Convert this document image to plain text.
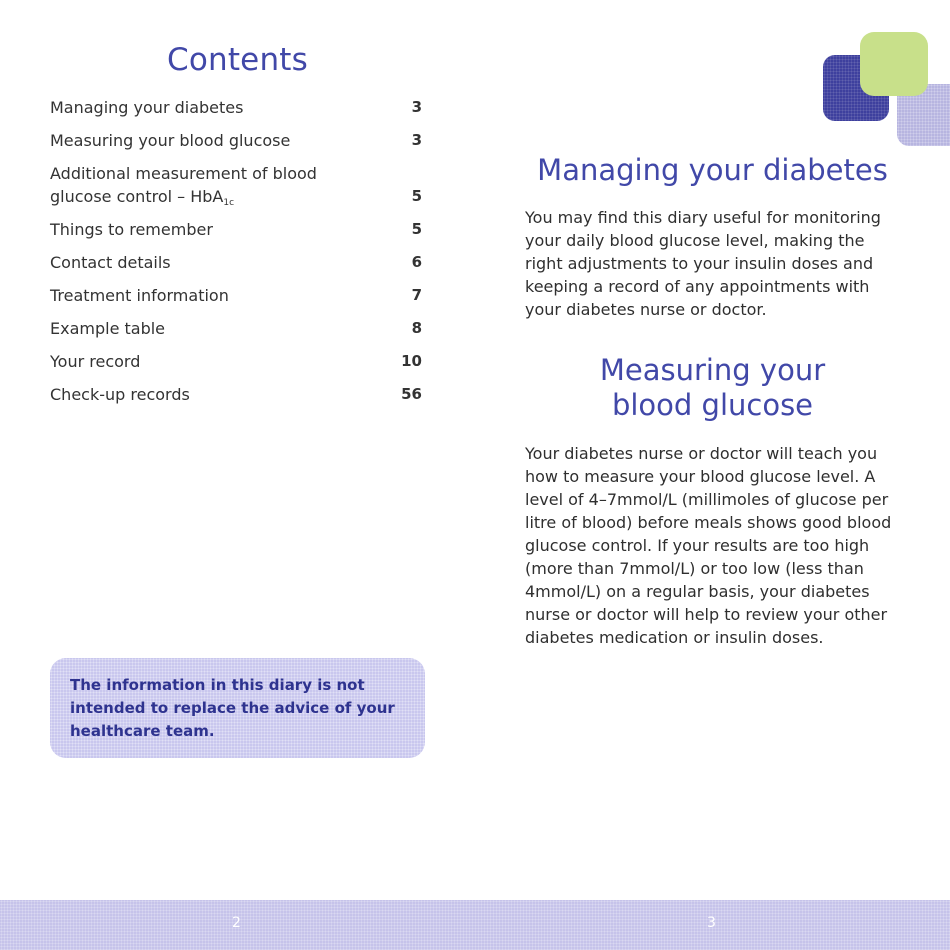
Contents
Managing your diabetes	3
Measuring your blood glucose	3
Additional measurement of blood glucose control – HbA$_{1c}$	5
Things to remember	5
Contact details	6
Treatment information	7
Example table	8
Your record	10
Check-up records	56
The information in this diary is not intended to replace the advice of your healthcare team.
Managing your diabetes

You may find this diary useful for monitoring your daily blood glucose level, making the right adjustments to your insulin doses and keeping a record of any appointments with your diabetes nurse or doctor.

Measuring your
blood glucose

Your diabetes nurse or doctor will teach you how to measure your blood glucose level. A level of 4–7mmol/L (millimoles of glucose per litre of blood) before meals shows good blood glucose control. If your results are too high (more than 7mmol/L) or too low (less than 4mmol/L) on a regular basis, your diabetes nurse or doctor will help to review your other diabetes medication or insulin doses.

2	3
